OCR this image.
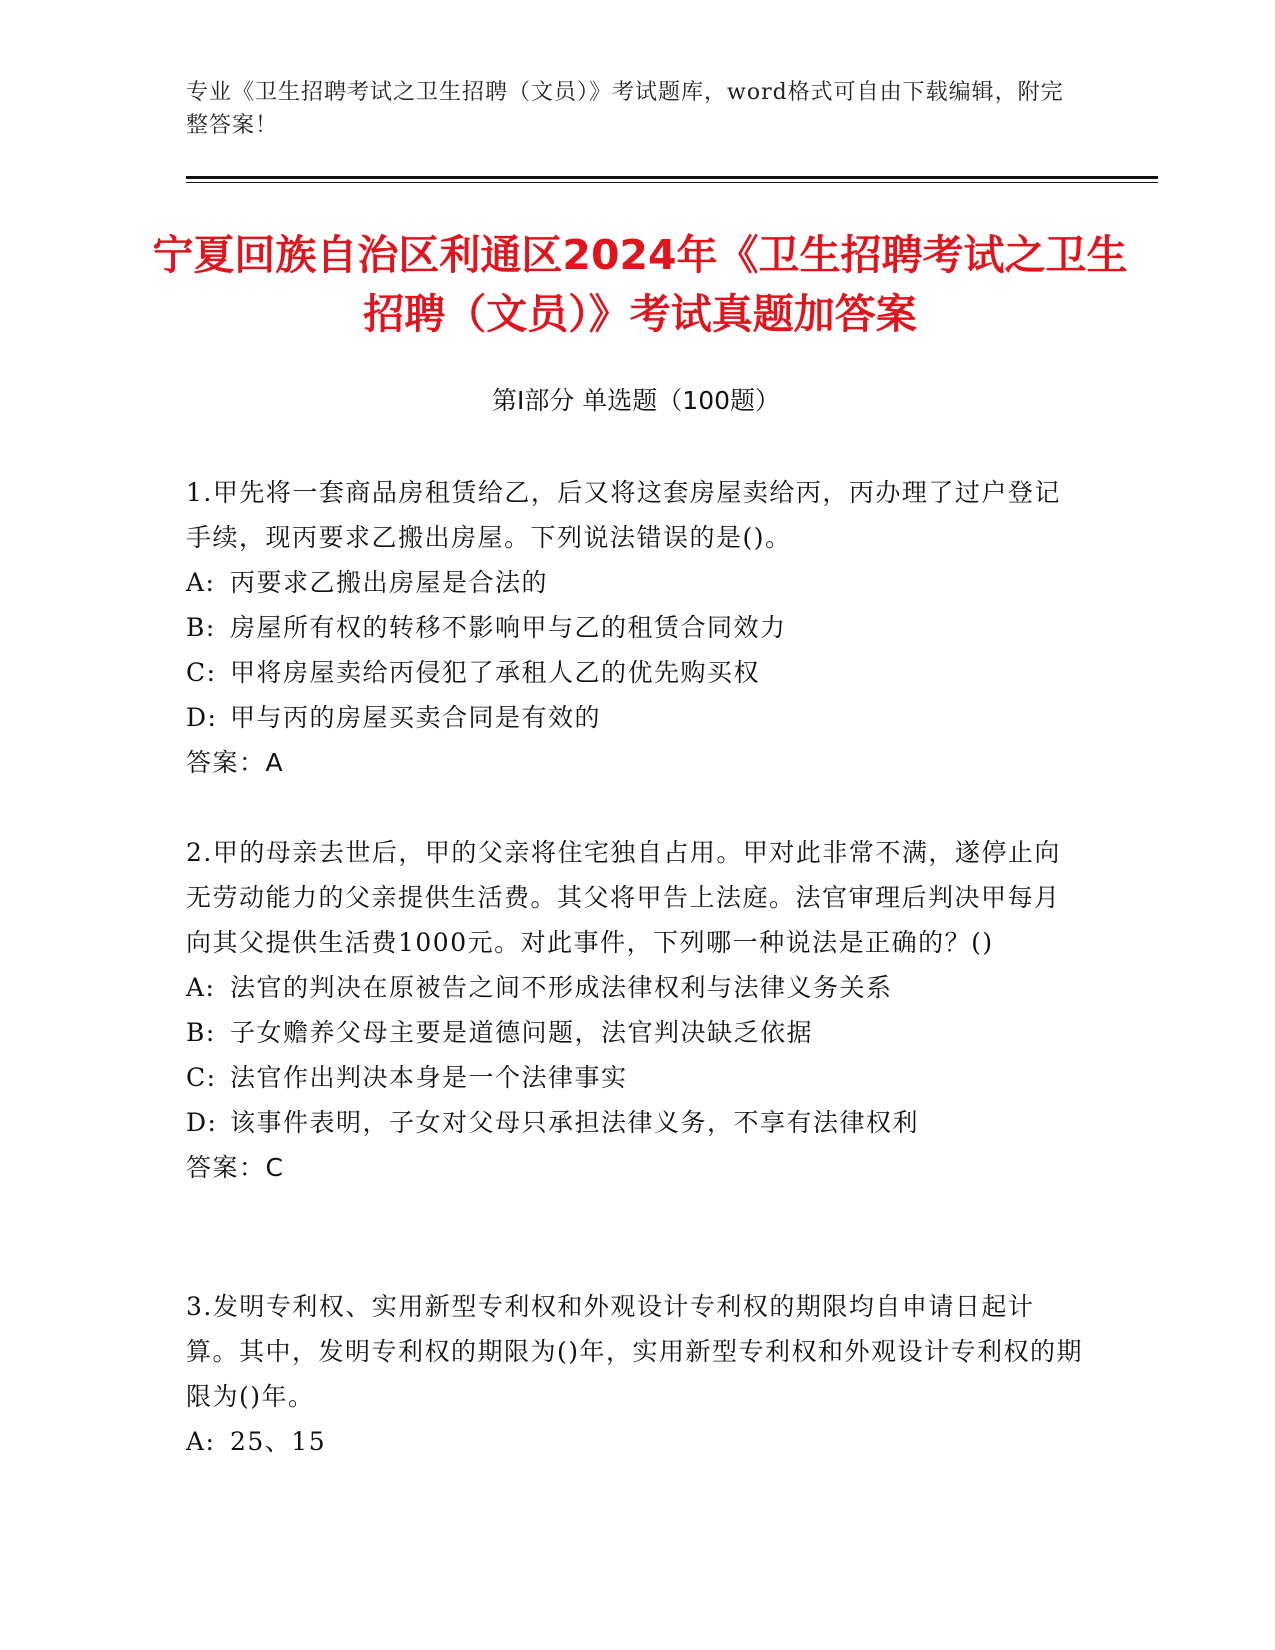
专业《卫生招聘考试之卫生招聘（文员）》考试题库，word格式可自由下载编辑，附完整答案！
宁夏回族自治区利通区2024年《卫生招聘考试之卫生招聘（文员）》考试真题加答案
第Ⅰ部分 单选题（100题）

1.甲先将一套商品房租赁给乙，后又将这套房屋卖给丙，丙办理了过户登记手续，现丙要求乙搬出房屋。下列说法错误的是()。

A: 丙要求乙搬出房屋是合法的

B: 房屋所有权的转移不影响甲与乙的租赁合同效力

C: 甲将房屋卖给丙侵犯了承租人乙的优先购买权

D: 甲与丙的房屋买卖合同是有效的

答案：A

2.甲的母亲去世后，甲的父亲将住宅独自占用。甲对此非常不满，遂停止向无劳动能力的父亲提供生活费。其父将甲告上法庭。法官审理后判决甲每月向其父提供生活费1000元。对此事件，下列哪一种说法是正确的？()

A: 法官的判决在原被告之间不形成法律权利与法律义务关系

B: 子女赡养父母主要是道德问题，法官判决缺乏依据

C: 法官作出判决本身是一个法律事实

D: 该事件表明，子女对父母只承担法律义务，不享有法律权利

答案：C

3.发明专利权、实用新型专利权和外观设计专利权的期限均自申请日起计算。其中，发明专利权的期限为()年，实用新型专利权和外观设计专利权的期限为()年。

A: 25、15
